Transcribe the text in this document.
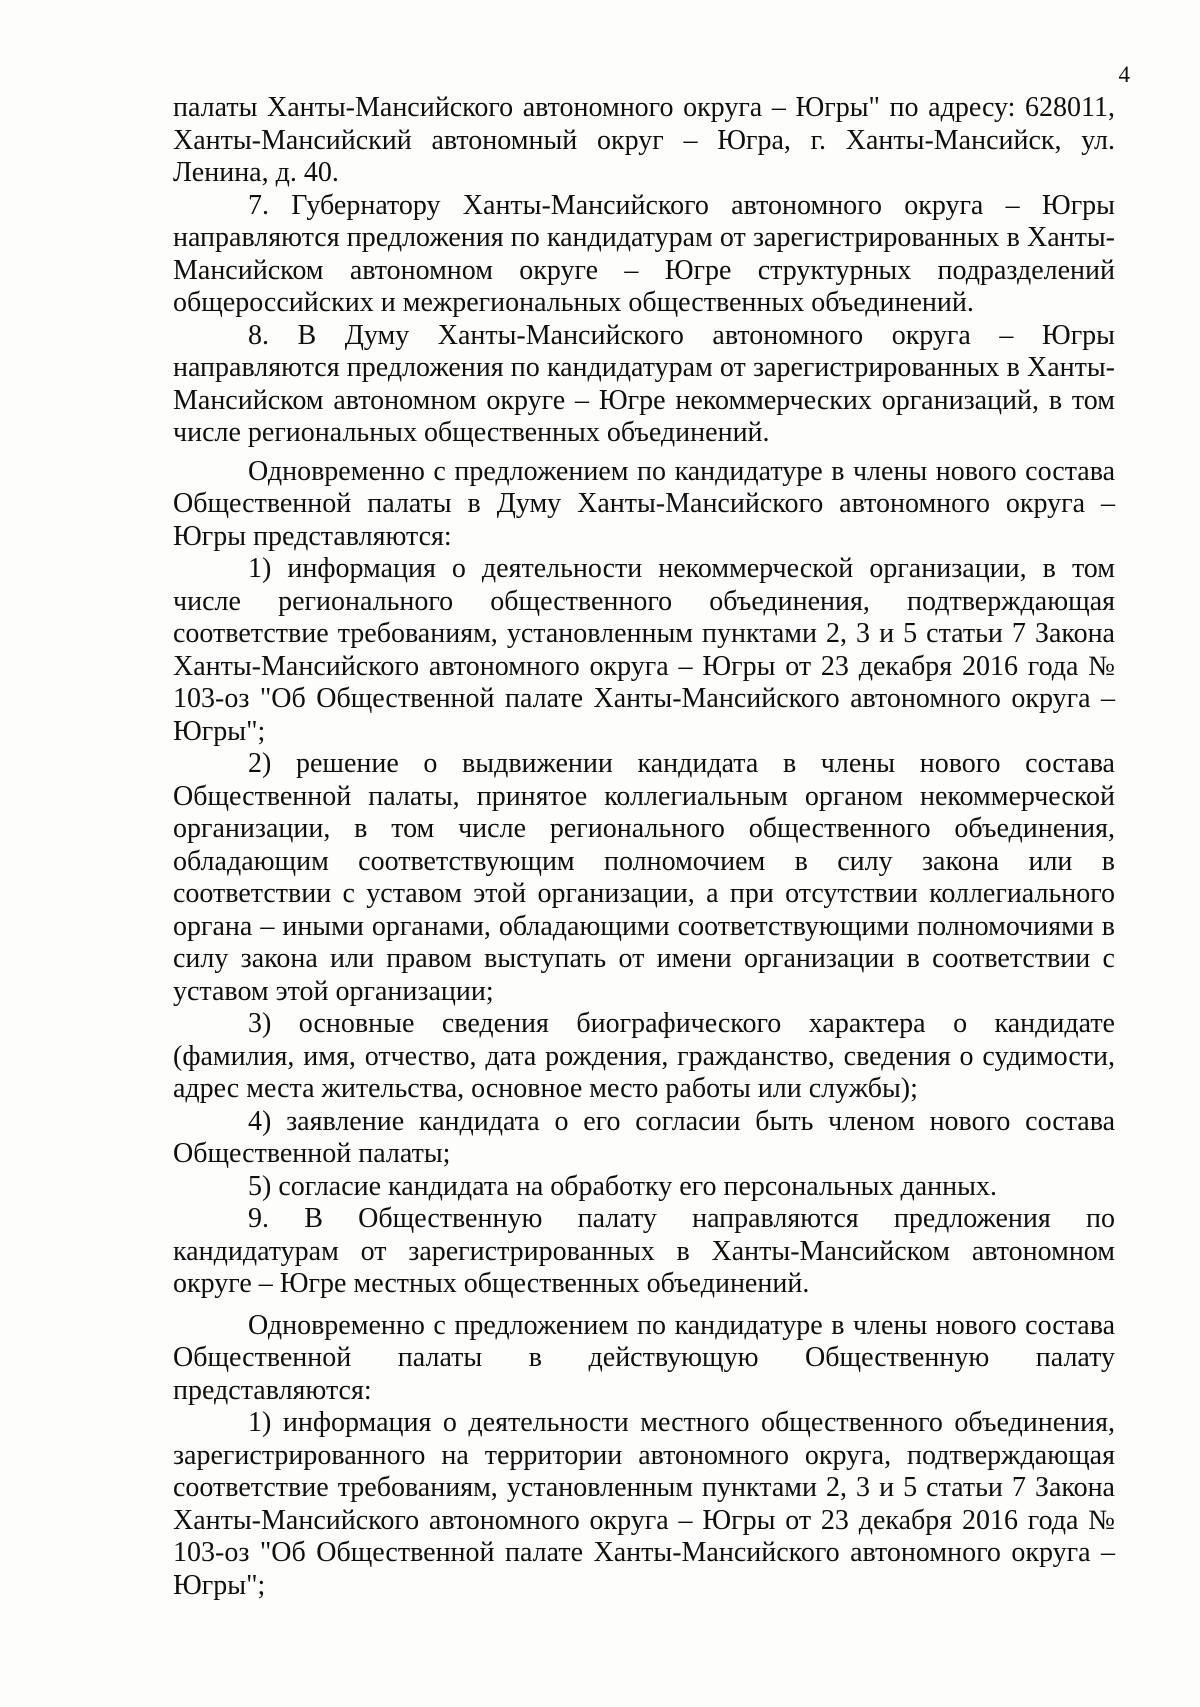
4

палаты Ханты-Мансийского автономного округа – Югры" по адресу: 628011, Ханты-Мансийский автономный округ – Югра, г. Ханты-Мансийск, ул. Ленина, д. 40.

7. Губернатору Ханты-Мансийского автономного округа – Югры направляются предложения по кандидатурам от зарегистрированных в Ханты-Мансийском автономном округе – Югре структурных подразделений общероссийских и межрегиональных общественных объединений.

8. В Думу Ханты-Мансийского автономного округа – Югры направляются предложения по кандидатурам от зарегистрированных в Ханты-Мансийском автономном округе – Югре некоммерческих организаций, в том числе региональных общественных объединений.

Одновременно с предложением по кандидатуре в члены нового состава Общественной палаты в Думу Ханты-Мансийского автономного округа – Югры представляются:

1) информация о деятельности некоммерческой организации, в том числе регионального общественного объединения, подтверждающая соответствие требованиям, установленным пунктами 2, 3 и 5 статьи 7 Закона Ханты-Мансийского автономного округа – Югры от 23 декабря 2016 года № 103-оз "Об Общественной палате Ханты-Мансийского автономного округа – Югры";

2) решение о выдвижении кандидата в члены нового состава Общественной палаты, принятое коллегиальным органом некоммерческой организации, в том числе регионального общественного объединения, обладающим соответствующим полномочием в силу закона или в соответствии с уставом этой организации, а при отсутствии коллегиального органа – иными органами, обладающими соответствующими полномочиями в силу закона или правом выступать от имени организации в соответствии с уставом этой организации;

3) основные сведения биографического характера о кандидате (фамилия, имя, отчество, дата рождения, гражданство, сведения о судимости, адрес места жительства, основное место работы или службы);

4) заявление кандидата о его согласии быть членом нового состава Общественной палаты;

5) согласие кандидата на обработку его персональных данных.

9. В Общественную палату направляются предложения по кандидатурам от зарегистрированных в Ханты-Мансийском автономном округе – Югре местных общественных объединений.

Одновременно с предложением по кандидатуре в члены нового состава Общественной палаты в действующую Общественную палату представляются:

1) информация о деятельности местного общественного объединения, зарегистрированного на территории автономного округа, подтверждающая соответствие требованиям, установленным пунктами 2, 3 и 5 статьи 7 Закона Ханты-Мансийского автономного округа – Югры от 23 декабря 2016 года № 103-оз "Об Общественной палате Ханты-Мансийского автономного округа – Югры";
